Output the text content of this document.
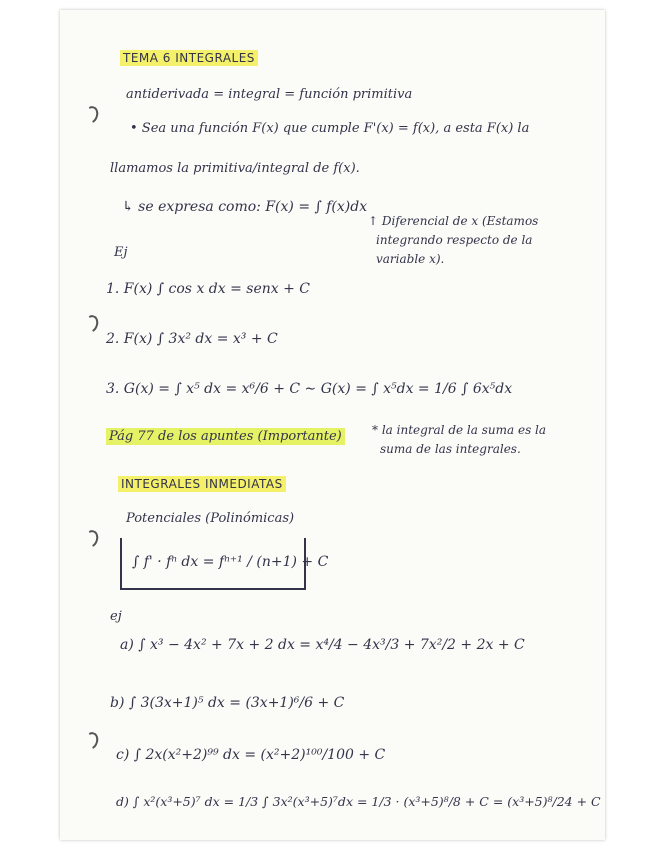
TEMA 6 INTEGRALES
antiderivada = integral = función primitiva
• Sea una función F(x) que cumple F'(x) = f(x), a esta F(x) la
llamamos la primitiva/integral de f(x).
↳ se expresa como: F(x) = ∫ f(x)dx
↑ Diferencial de x (Estamos
integrando respecto de la
variable x).
Ej
1. F(x) ∫ cos x dx = senx + C
2. F(x) ∫ 3x² dx = x³ + C
3. G(x) = ∫ x⁵ dx = x⁶/6 + C ∼ G(x) = ∫ x⁵dx = 1/6 ∫ 6x⁵dx
Pág 77 de los apuntes (Importante)	* la integral de la suma es la
suma de las integrales.
INTEGRALES INMEDIATAS
Potenciales (Polinómicas)
∫ f' · fⁿ dx = fⁿ⁺¹ / (n+1) + C
ej
a) ∫ x³ − 4x² + 7x + 2 dx = x⁴/4 − 4x³/3 + 7x²/2 + 2x + C
b) ∫ 3(3x+1)⁵ dx = (3x+1)⁶/6 + C
c) ∫ 2x(x²+2)⁹⁹ dx = (x²+2)¹⁰⁰/100 + C
d) ∫ x²(x³+5)⁷ dx = 1/3 ∫ 3x²(x³+5)⁷dx = 1/3 · (x³+5)⁸/8 + C = (x³+5)⁸/24 + C
